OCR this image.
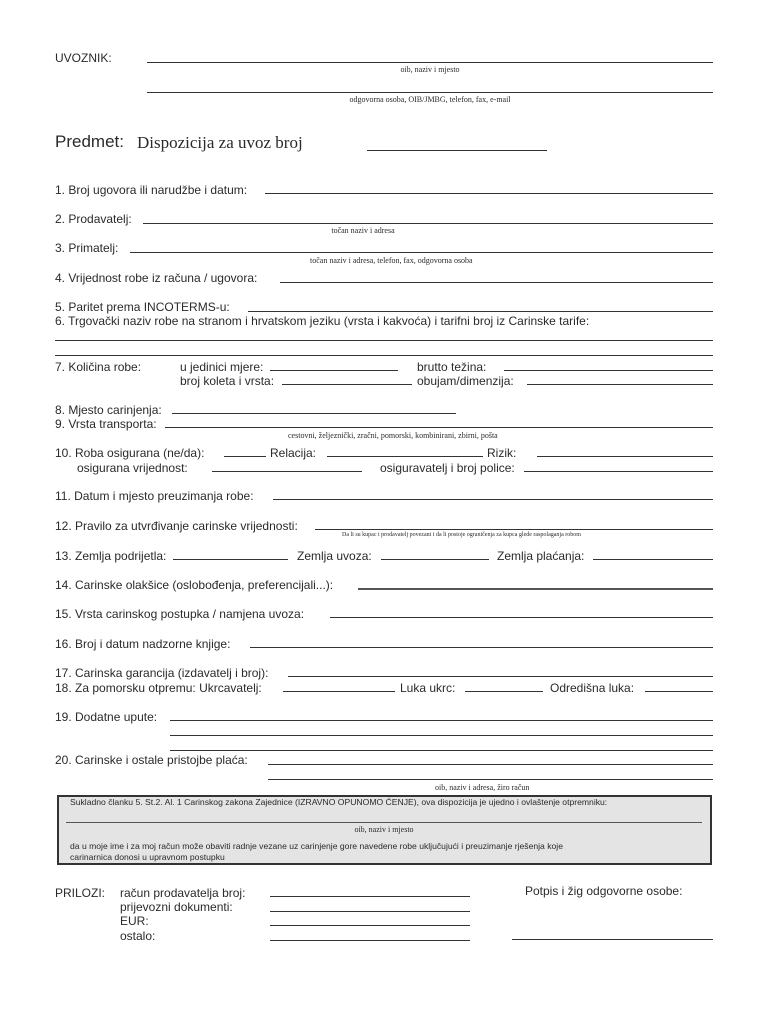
UVOZNIK:
oib, naziv i mjesto
odgovorna osoba, OIB/JMBG, telefon, fax, e-mail
Predmet: Dispozicija za uvoz broj
1. Broj ugovora ili narudžbe i datum:
2. Prodavatelj:
točan naziv i adresa
3. Primatelj:
točan naziv i adresa, telefon, fax, odgovorna osoba
4. Vrijednost robe iz računa / ugovora:
5. Paritet prema INCOTERMS-u:
6. Trgovački naziv robe na stranom i hrvatskom jeziku (vrsta i kakvoća) i tarifni broj iz Carinske tarife:
7. Količina robe:	u jedinici mjere:	brutto težina:
broj koleta i vrsta:	obujam/dimenzija:
8. Mjesto carinjenja:
9. Vrsta transporta:
cestovni, željeznički, zračni, pomorski, kombinirani, zbirni, pošta
10. Roba osigurana (ne/da):	Relacija:	Rizik:
osigurana vrijednost:	osiguravatelj i broj police:
11. Datum i mjesto preuzimanja robe:
12. Pravilo za utvrđivanje carinske vrijednosti:
Da li su kupac i prodavatelj povezani i da li postoje ograničenja za kupca glede raspolaganja robom
13. Zemlja podrijetla:	Zemlja uvoza:	Zemlja plaćanja:
14. Carinske olakšice (oslobođenja, preferencijali...):
15. Vrsta carinskog postupka / namjena uvoza:
16. Broj i datum nadzorne knjige:
17. Carinska garancija (izdavatelj i broj):
18. Za pomorsku otpremu: Ukrcavatelj:	Luka ukrc:	Odredišna luka:
19. Dodatne upute:
20. Carinske i ostale pristojbe plaća:
oib, naziv i adresa, žiro račun
Sukladno članku 5. St.2. Al. 1 Carinskog zakona Zajednice (IZRAVNO OPUNOMO ĆENJE), ova dispozicija je ujedno i ovlaštenje otpremniku:
oib, naziv i mjesto
da u moje ime i za moj račun može obaviti radnje vezane uz carinjenje gore navedene robe uključujući i preuzimanje rješenja koje
carinarnica donosi u upravnom postupku
PRILOZI: račun prodavatelja broj:
prijevozni dokumenti:
EUR:
ostalo:
Potpis i žig odgovorne osobe:
